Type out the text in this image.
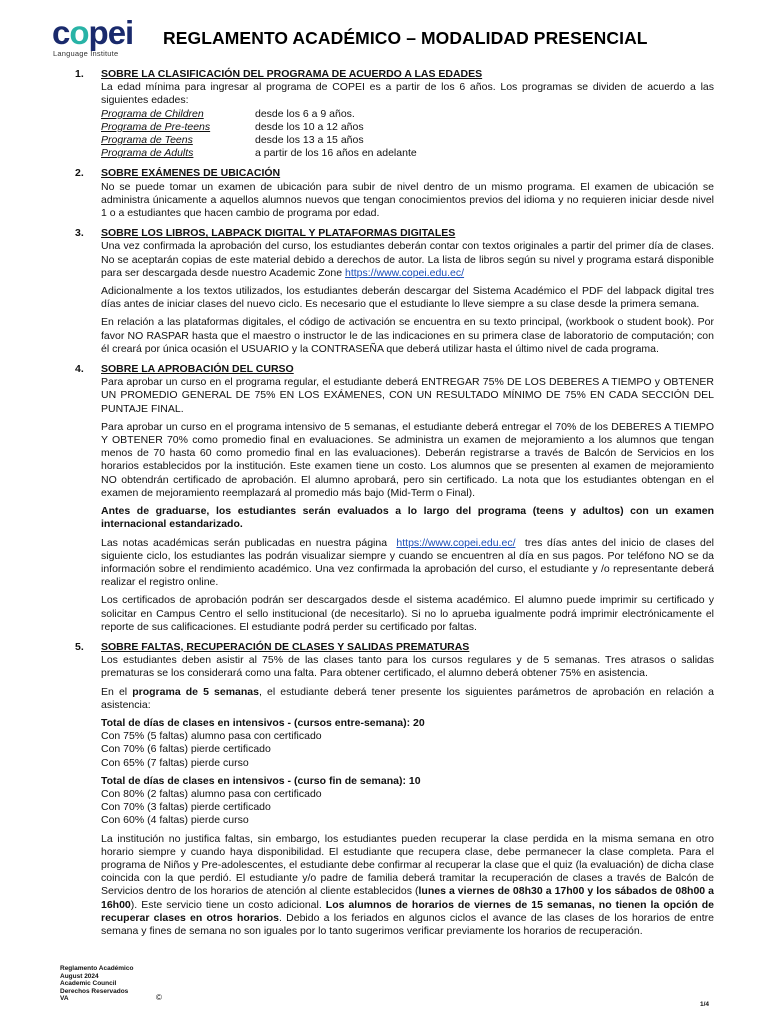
copei
Language Institute
REGLAMENTO ACADÉMICO – MODALIDAD PRESENCIAL
1. SOBRE LA CLASIFICACIÓN DEL PROGRAMA DE ACUERDO A LAS EDADES

La edad mínima para ingresar al programa de COPEI es a partir de los 6 años. Los programas se dividen de acuerdo a las siguientes edades:

Programa de Children	desde los 6 a 9 años.
Programa de Pre-teens	desde los 10 a 12 años
Programa de Teens	desde los 13 a 15 años
Programa de Adults	a partir de los 16 años en adelante
2. SOBRE EXÁMENES DE UBICACIÓN

No se puede tomar un examen de ubicación para subir de nivel dentro de un mismo programa. El examen de ubicación se administra únicamente a aquellos alumnos nuevos que tengan conocimientos previos del idioma y no requieren iniciar desde nivel 1 o a estudiantes que hacen cambio de programa por edad.

3. SOBRE LOS LIBROS, LABPACK DIGITAL Y PLATAFORMAS DIGITALES

Una vez confirmada la aprobación del curso, los estudiantes deberán contar con textos originales a partir del primer día de clases. No se aceptarán copias de este material debido a derechos de autor. La lista de libros según su nivel y programa estará disponible para ser descargada desde nuestro Academic Zone https://www.copei.edu.ec/

Adicionalmente a los textos utilizados, los estudiantes deberán descargar del Sistema Académico el PDF del labpack digital tres días antes de iniciar clases del nuevo ciclo. Es necesario que el estudiante lo lleve siempre a su clase desde la primera semana.

En relación a las plataformas digitales, el código de activación se encuentra en su texto principal, (workbook o student book). Por favor NO RASPAR hasta que el maestro o instructor le de las indicaciones en su primera clase de laboratorio de computación; con él creará por única ocasión el USUARIO y la CONTRASEÑA que deberá utilizar hasta el último nivel de cada programa.

4. SOBRE LA APROBACIÓN DEL CURSO

Para aprobar un curso en el programa regular, el estudiante deberá ENTREGAR 75% DE LOS DEBERES A TIEMPO y OBTENER UN PROMEDIO GENERAL DE 75% EN LOS EXÁMENES, CON UN RESULTADO MÍNIMO DE 75% EN CADA SECCIÓN DEL PUNTAJE FINAL.

Para aprobar un curso en el programa intensivo de 5 semanas, el estudiante deberá entregar el 70% de los DEBERES A TIEMPO Y OBTENER 70% como promedio final en evaluaciones. Se administra un examen de mejoramiento a los alumnos que tengan menos de 70 hasta 60 como promedio final en las evaluaciones). Deberán registrarse a través de Balcón de Servicios en los horarios establecidos por la institución. Este examen tiene un costo. Los alumnos que se presenten al examen de mejoramiento NO obtendrán certificado de aprobación. El alumno aprobará, pero sin certificado. La nota que los estudiantes obtengan en el examen de mejoramiento reemplazará al promedio más bajo (Mid-Term o Final).

Antes de graduarse, los estudiantes serán evaluados a lo largo del programa (teens y adultos) con un examen internacional estandarizado.

Las notas académicas serán publicadas en nuestra página https://www.copei.edu.ec/ tres días antes del inicio de clases del siguiente ciclo, los estudiantes las podrán visualizar siempre y cuando se encuentren al día en sus pagos. Por teléfono NO se da información sobre el rendimiento académico. Una vez confirmada la aprobación del curso, el estudiante y /o representante deberá realizar el registro online.

Los certificados de aprobación podrán ser descargados desde el sistema académico. El alumno puede imprimir su certificado y solicitar en Campus Centro el sello institucional (de necesitarlo). Si no lo aprueba igualmente podrá imprimir electrónicamente el reporte de sus calificaciones. El estudiante podrá perder su certificado por faltas.

5. SOBRE FALTAS, RECUPERACIÓN DE CLASES Y SALIDAS PREMATURAS

Los estudiantes deben asistir al 75% de las clases tanto para los cursos regulares y de 5 semanas. Tres atrasos o salidas prematuras se los considerará como una falta. Para obtener certificado, el alumno deberá obtener 75% en asistencia.

En el programa de 5 semanas, el estudiante deberá tener presente los siguientes parámetros de aprobación en relación a asistencia:

Total de días de clases en intensivos - (cursos entre-semana): 20

Con 75% (5 faltas) alumno pasa con certificado

Con 70% (6 faltas) pierde certificado

Con 65% (7 faltas) pierde curso

Total de días de clases en intensivos - (curso fin de semana): 10

Con 80% (2 faltas) alumno pasa con certificado

Con 70% (3 faltas) pierde certificado

Con 60% (4 faltas) pierde curso

La institución no justifica faltas, sin embargo, los estudiantes pueden recuperar la clase perdida en la misma semana en otro horario siempre y cuando haya disponibilidad. El estudiante que recupera clase, debe permanecer la clase completa. Para el programa de Niños y Pre-adolescentes, el estudiante debe confirmar al recuperar la clase que el quiz (la evaluación) de dicha clase coincida con la que perdió. El estudiante y/o padre de familia deberá tramitar la recuperación de clases a través de Balcón de Servicios dentro de los horarios de atención al cliente establecidos (lunes a viernes de 08h30 a 17h00 y los sábados de 08h00 a 16h00). Este servicio tiene un costo adicional. Los alumnos de horarios de viernes de 15 semanas, no tienen la opción de recuperar clases en otros horarios. Debido a los feriados en algunos ciclos el avance de las clases de los horarios de entre semana y fines de semana no son iguales por lo tanto sugerimos verificar previamente los horarios de recuperación.

Reglamento Académico
August 2024
Academic Council
Derechos Reservados
VA	©
1/4
